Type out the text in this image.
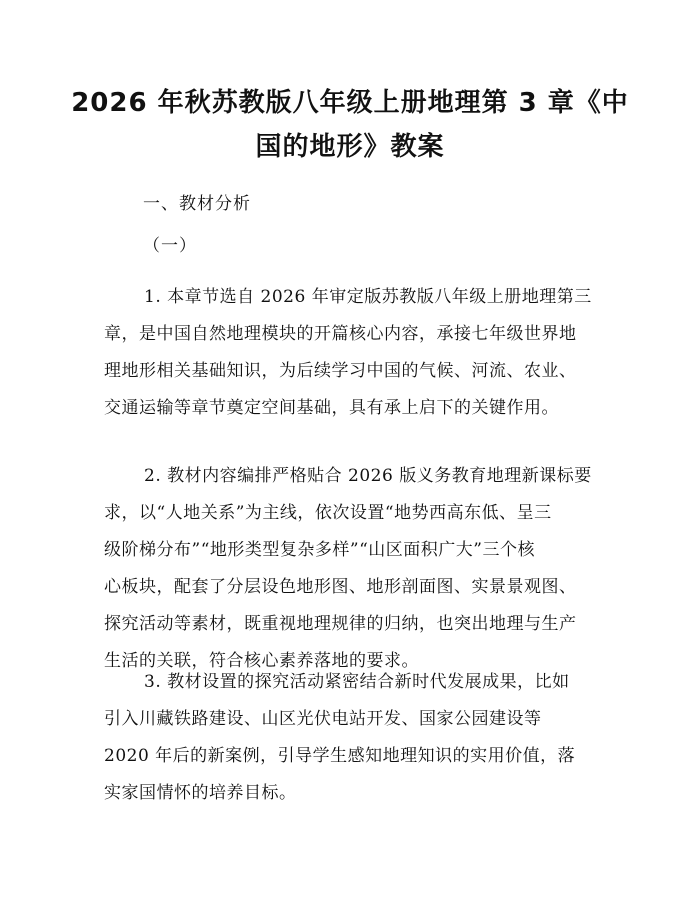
2026 年秋苏教版八年级上册地理第 3 章《中
国的地形》教案
一、教材分析
（一）
1. 本章节选自 2026 年审定版苏教版八年级上册地理第三
章，是中国自然地理模块的开篇核心内容，承接七年级世界地
理地形相关基础知识，为后续学习中国的气候、河流、农业、
交通运输等章节奠定空间基础，具有承上启下的关键作用。
2. 教材内容编排严格贴合 2026 版义务教育地理新课标要
求，以“人地关系”为主线，依次设置“地势西高东低、呈三
级阶梯分布”“地形类型复杂多样”“山区面积广大”三个核
心板块，配套了分层设色地形图、地形剖面图、实景景观图、
探究活动等素材，既重视地理规律的归纳，也突出地理与生产
生活的关联，符合核心素养落地的要求。
3. 教材设置的探究活动紧密结合新时代发展成果，比如
引入川藏铁路建设、山区光伏电站开发、国家公园建设等
2020 年后的新案例，引导学生感知地理知识的实用价值，落
实家国情怀的培养目标。
